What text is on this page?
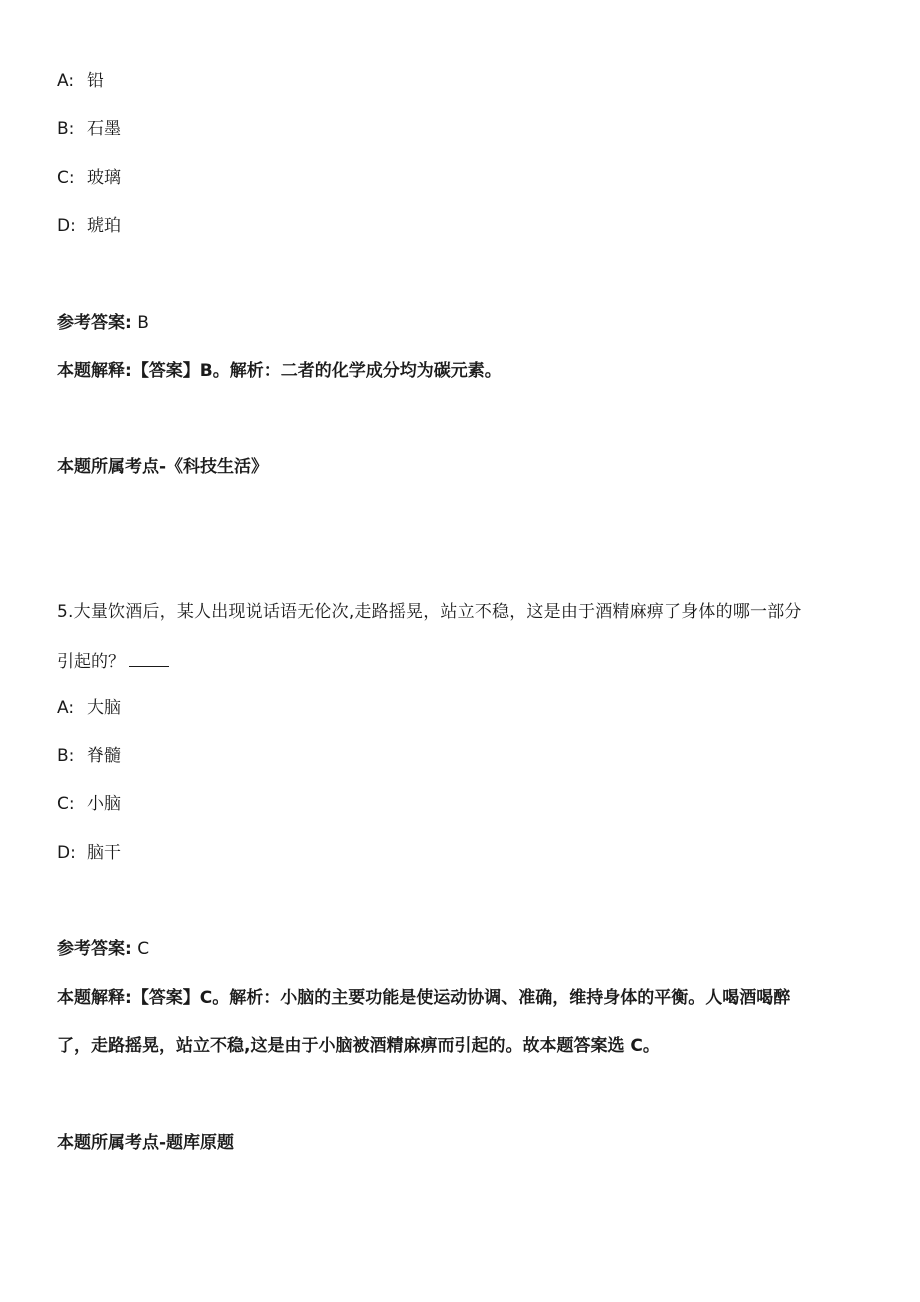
A: 铅
B: 石墨
C: 玻璃
D: 琥珀
参考答案: B
本题解释:【答案】B。解析：二者的化学成分均为碳元素。
本题所属考点-《科技生活》
5.大量饮酒后，某人出现说话语无伦次,走路摇晃，站立不稳，这是由于酒精麻痹了身体的哪一部分
引起的？
A: 大脑
B: 脊髓
C: 小脑
D: 脑干
参考答案: C
本题解释:【答案】C。解析：小脑的主要功能是使运动协调、准确，维持身体的平衡。人喝酒喝醉
了，走路摇晃，站立不稳,这是由于小脑被酒精麻痹而引起的。故本题答案选 C。
本题所属考点-题库原题
